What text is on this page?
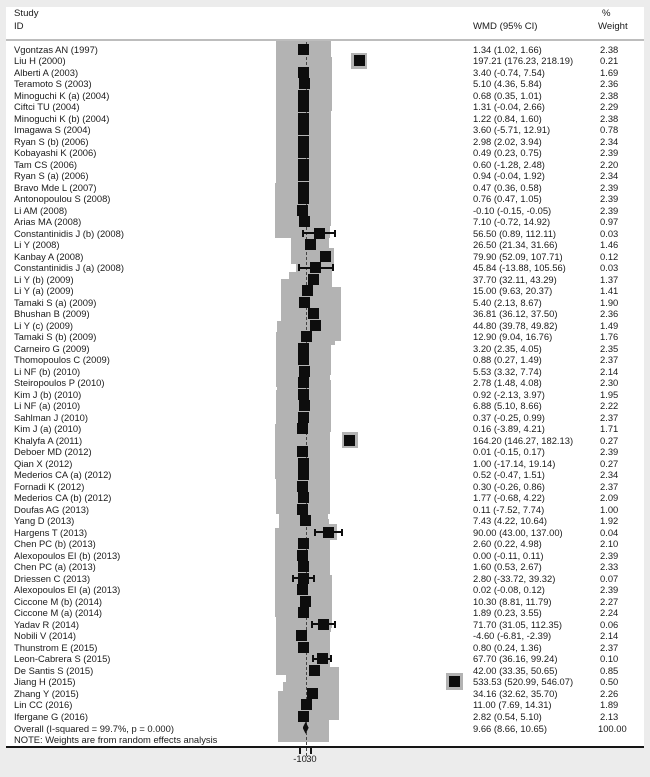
Study
ID	WMD (95% CI)
%
Weight
Vgontzas AN (1997)	1.34 (1.02, 1.66)	2.38
Liu H (2000)	197.21 (176.23, 218.19)	0.21
Alberti A (2003)	3.40 (-0.74, 7.54)	1.69
Teramoto S (2003)	5.10 (4.36, 5.84)	2.36
Minoguchi K (a) (2004)	0.68 (0.35, 1.01)	2.38
Ciftci TU (2004)	1.31 (-0.04, 2.66)	2.29
Minoguchi K (b) (2004)	1.22 (0.84, 1.60)	2.38
Imagawa S (2004)	3.60 (-5.71, 12.91)	0.78
Ryan S (b) (2006)	2.98 (2.02, 3.94)	2.34
Kobayashi K (2006)	0.49 (0.23, 0.75)	2.39
Tam CS (2006)	0.60 (-1.28, 2.48)	2.20
Ryan S (a) (2006)	0.94 (-0.04, 1.92)	2.34
Bravo Mde L (2007)	0.47 (0.36, 0.58)	2.39
Antonopoulou S (2008)	0.76 (0.47, 1.05)	2.39
Li AM (2008)	-0.10 (-0.15, -0.05)	2.39
Arias MA (2008)	7.10 (-0.72, 14.92)	0.97
Constantinidis J (b) (2008)	56.50 (0.89, 112.11)	0.03
Li Y (2008)	26.50 (21.34, 31.66)	1.46
Kanbay A (2008)	79.90 (52.09, 107.71)	0.12
Constantinidis J (a) (2008)	45.84 (-13.88, 105.56)	0.03
Li Y (b) (2009)	37.70 (32.11, 43.29)	1.37
Li Y (a) (2009)	15.00 (9.63, 20.37)	1.41
Tamaki S (a) (2009)	5.40 (2.13, 8.67)	1.90
Bhushan B (2009)	36.81 (36.12, 37.50)	2.36
Li Y (c) (2009)	44.80 (39.78, 49.82)	1.49
Tamaki S (b) (2009)	12.90 (9.04, 16.76)	1.76
Carneiro G (2009)	3.20 (2.35, 4.05)	2.35
Thomopoulos C (2009)	0.88 (0.27, 1.49)	2.37
Li NF (b) (2010)	5.53 (3.32, 7.74)	2.14
Steiropoulos P (2010)	2.78 (1.48, 4.08)	2.30
Kim J (b) (2010)	0.92 (-2.13, 3.97)	1.95
Li NF (a) (2010)	6.88 (5.10, 8.66)	2.22
Sahlman J (2010)	0.37 (-0.25, 0.99)	2.37
Kim J (a) (2010)	0.16 (-3.89, 4.21)	1.71
Khalyfa A (2011)	164.20 (146.27, 182.13)	0.27
Deboer MD (2012)	0.01 (-0.15, 0.17)	2.39
Qian X (2012)	1.00 (-17.14, 19.14)	0.27
Mederios CA (a) (2012)	0.52 (-0.47, 1.51)	2.34
Fornadi K (2012)	0.30 (-0.26, 0.86)	2.37
Mederios CA (b) (2012)	1.77 (-0.68, 4.22)	2.09
Doufas AG (2013)	0.11 (-7.52, 7.74)	1.00
Yang D (2013)	7.43 (4.22, 10.64)	1.92
Hargens T (2013)	90.00 (43.00, 137.00)	0.04
Chen PC (b) (2013)	2.60 (0.22, 4.98)	2.10
Alexopoulos EI (b) (2013)	0.00 (-0.11, 0.11)	2.39
Chen PC (a) (2013)	1.60 (0.53, 2.67)	2.33
Driessen C (2013)	2.80 (-33.72, 39.32)	0.07
Alexopoulos EI (a) (2013)	0.02 (-0.08, 0.12)	2.39
Ciccone M (b) (2014)	10.30 (8.81, 11.79)	2.27
Ciccone M (a) (2014)	1.89 (0.23, 3.55)	2.24
Yadav R (2014)	71.70 (31.05, 112.35)	0.06
Nobili V (2014)	-4.60 (-6.81, -2.39)	2.14
Thunstrom E (2015)	0.80 (0.24, 1.36)	2.37
Leon-Cabrera S (2015)	67.70 (36.16, 99.24)	0.10
De Santis S (2015)	42.00 (33.35, 50.65)	0.85
Jiang H (2015)	533.53 (520.99, 546.07)	0.50
Zhang Y (2015)	34.16 (32.62, 35.70)	2.26
Lin CC (2016)	11.00 (7.69, 14.31)	1.89
Ifergane G (2016)	2.82 (0.54, 5.10)	2.13
Overall (I-squared = 99.7%, p = 0.000)	9.66 (8.66, 10.65)	100.00
NOTE: Weights are from random effects analysis
-10 30
